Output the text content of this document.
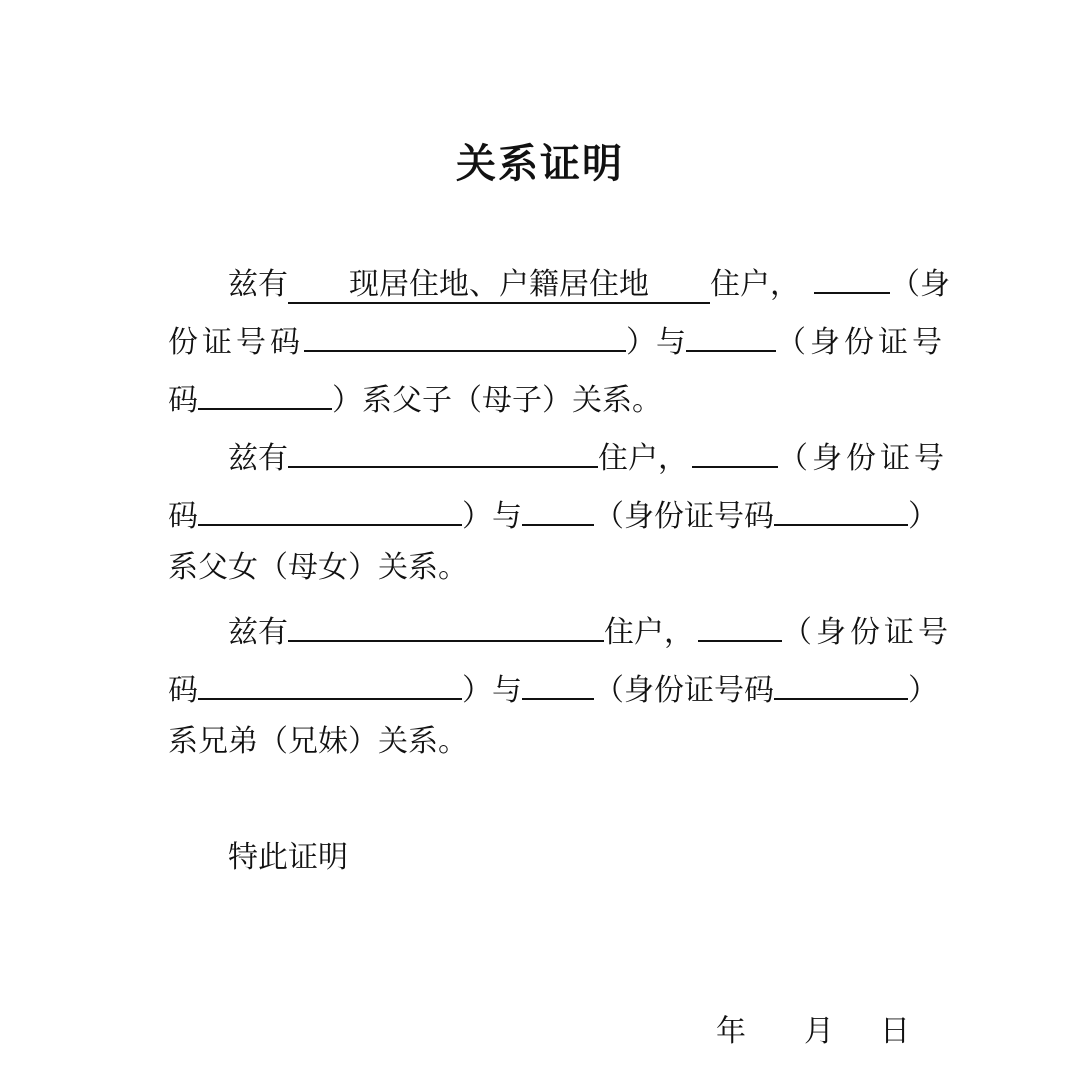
关系证明
兹有 现居住地、户籍居住地 住户，	（身
份证号码	）与	（身份证号
码	）系父子（母子）关系。
兹有	住户，	（身份证号
码	）与 （身份证号码	）
系父女（母女）关系。
兹有	住户，	（身份证号
码	）与 （身份证号码	）
系兄弟（兄妹）关系。
特此证明
年 月 日
